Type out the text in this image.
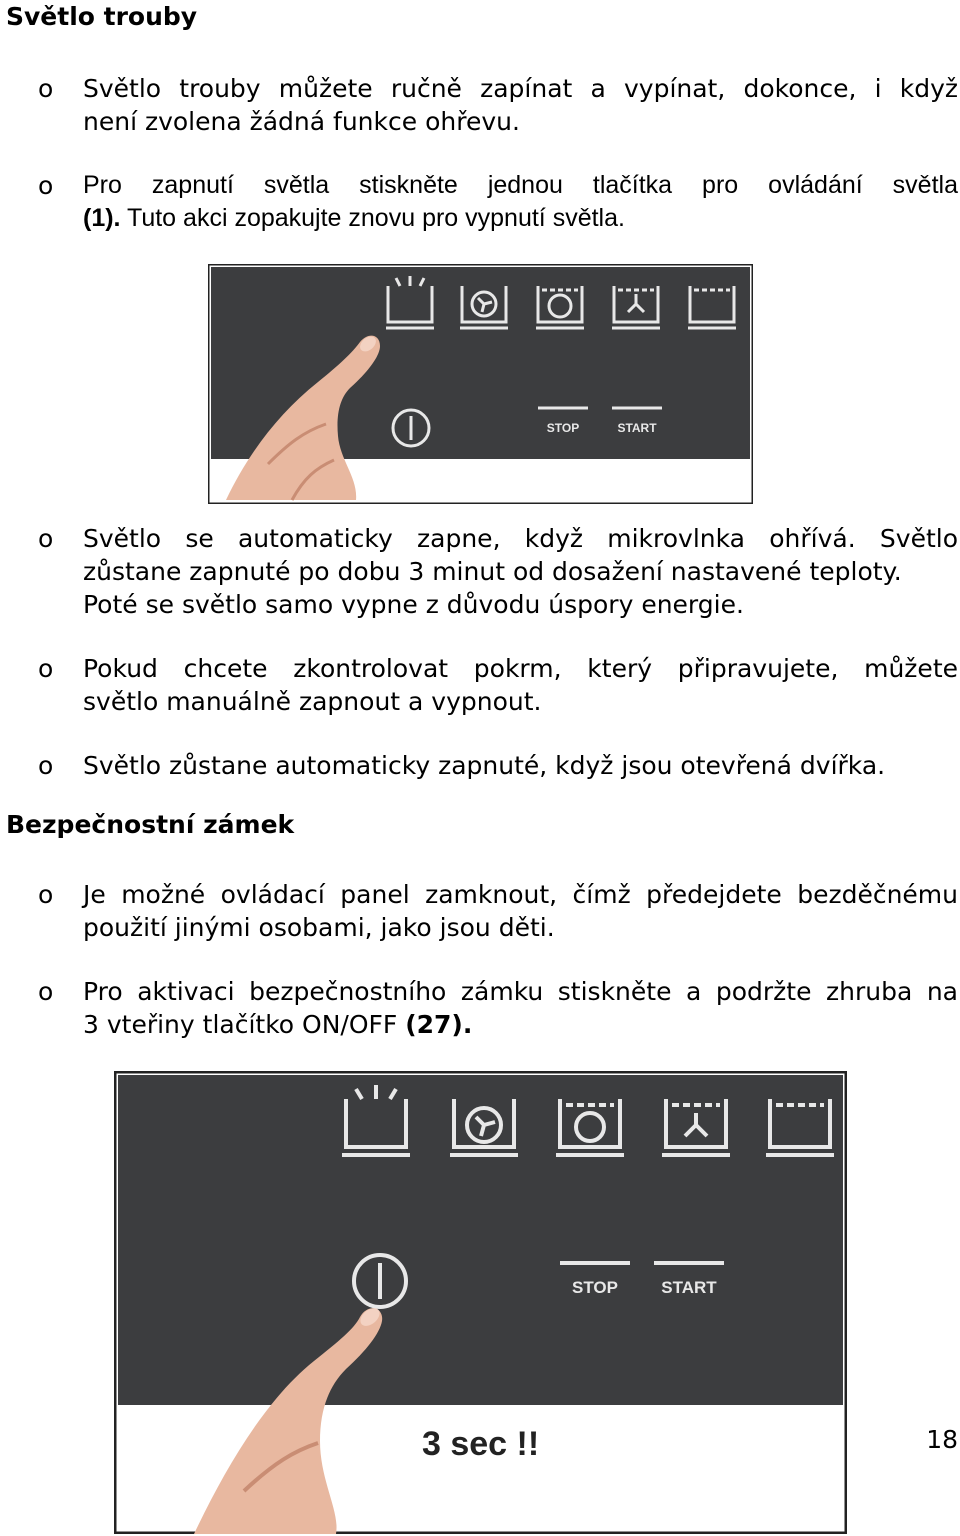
Světlo trouby
o Světlo trouby můžete ručně zapínat a vypínat, dokonce, i když
není zvolena žádná funkce ohřevu.
o Pro zapnutí světla stiskněte jednou tlačítka pro ovládání světla
(1). Tuto akci zopakujte znovu pro vypnutí světla.
STOP	START
o Světlo se automaticky zapne, když mikrovlnka ohřívá. Světlo
zůstane zapnuté po dobu 3 minut od dosažení nastavené teploty.
Poté se světlo samo vypne z důvodu úspory energie.
o Pokud chcete zkontrolovat pokrm, který připravujete, můžete
světlo manuálně zapnout a vypnout.
o Světlo zůstane automaticky zapnuté, když jsou otevřená dvířka.
Bezpečnostní zámek
o Je možné ovládací panel zamknout, čímž předejdete bezděčnému
použití jinými osobami, jako jsou děti.
o Pro aktivaci bezpečnostního zámku stiskněte a podržte zhruba na
3 vteřiny tlačítko ON/OFF (27).
STOP	START
3 sec !!	18
